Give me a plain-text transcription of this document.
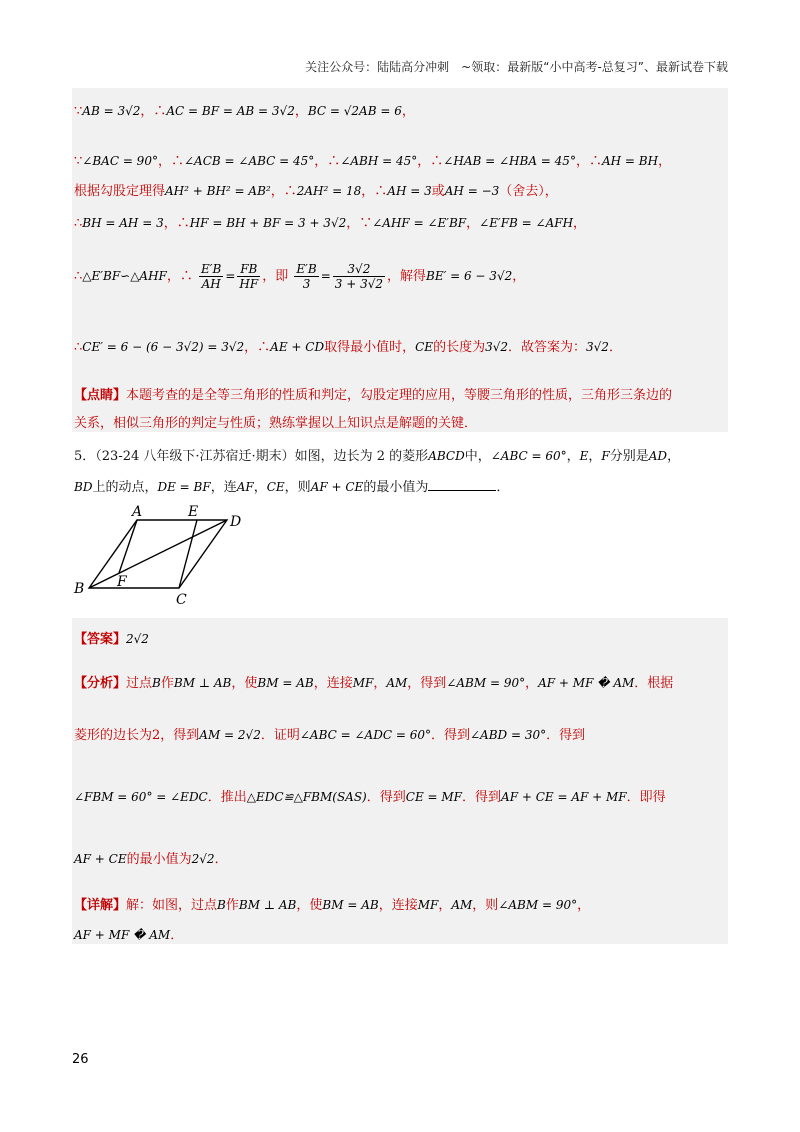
关注公众号：陆陆高分冲刺　~领取：最新版“小中高考-总复习”、最新试卷下载
∵AB = 3√2，∴AC = BF = AB = 3√2，BC = √2AB = 6，
∵∠BAC = 90°，∴∠ACB = ∠ABC = 45°，∴∠ABH = 45°，∴∠HAB = ∠HBA = 45°，∴AH = BH，
根据勾股定理得AH² + BH² = AB²，∴2AH² = 18，∴AH = 3或AH = −3（舍去），
∴BH = AH = 3，∴HF = BH + BF = 3 + 3√2，∵∠AHF = ∠E′BF，∠E′FB = ∠AFH，
∴△E′BF∽△AHF，∴ $\frac{E'B}{AH} = \frac{FB}{HF}$ ，即 $\frac{E'B}{3} = \frac{3√2}{3 + 3√2}$ ，解得BE′ = 6 − 3√2，
∴CE′ = 6 − (6 − 3√2) = 3√2，∴AE + CD取得最小值时，CE的长度为3√2．故答案为：3√2．
【点睛】本题考查的是全等三角形的性质和判定，勾股定理的应用，等腰三角形的性质，三角形三条边的
关系，相似三角形的判定与性质；熟练掌握以上知识点是解题的关键．
5．（23-24 八年级下·江苏宿迁·期末）如图，边长为 2 的菱形ABCD中，∠ABC = 60°，E，F分别是AD，
BD上的动点，DE = BF，连AF，CE，则AF + CE的最小值为	．
A	E
D
B F
C
【答案】2√2
【分析】过点B作BM ⊥ AB，使BM = AB，连接MF，AM，得到∠ABM = 90°，AF + MF � AM．根据
菱形的边长为2，得到AM = 2√2．证明∠ABC = ∠ADC = 60°．得到∠ABD = 30°．得到
∠FBM = 60° = ∠EDC．推出△EDC≌△FBM(SAS)．得到CE = MF．得到AF + CE = AF + MF．即得
AF + CE的最小值为2√2．
【详解】解：如图，过点B作BM ⊥ AB，使BM = AB，连接MF，AM，则∠ABM = 90°，
AF + MF � AM．
26
